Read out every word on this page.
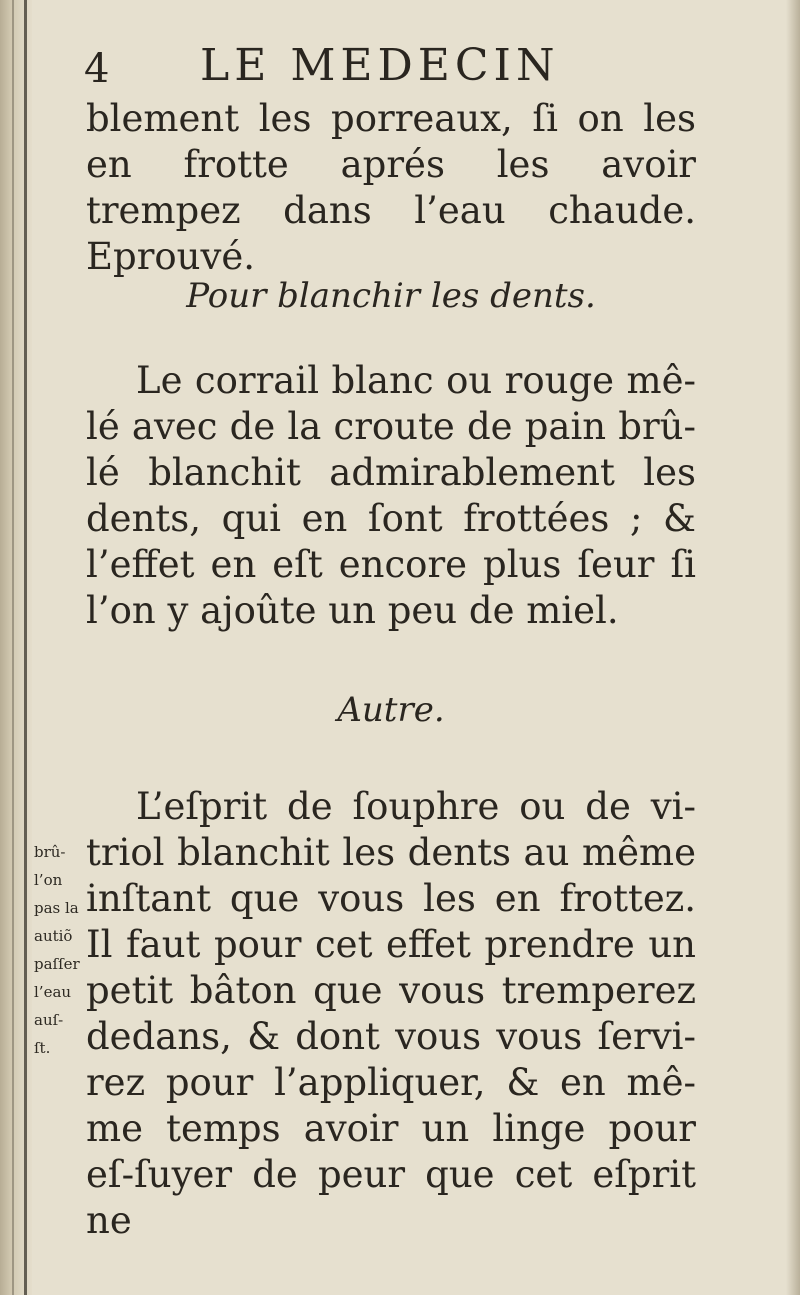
4 LE MEDECIN

blement les porreaux, ſi on les en frotte aprés les avoir trempez dans l’eau chaude. Eprouvé.

Pour blanchir les dents.

Le corrail blanc ou rouge mê-lé avec de la croute de pain brû-lé blanchit admirablement les dents, qui en ſont frottées ; & l’effet en eſt encore plus ſeur ſi l’on y ajoûte un peu de miel.

Autre.

L’eſprit de ſouphre ou de vi-triol blanchit les dents au même inſtant que vous les en frottez. Il faut pour cet effet prendre un petit bâton que vous tremperez dedans, & dont vous vous ſervi-rez pour l’appliquer, & en mê-me temps avoir un linge pour eſ-ſuyer de peur que cet eſprit ne

brû-
l’on
pas la
autiõ
paſſer
l’eau
auſ-
ſt.
